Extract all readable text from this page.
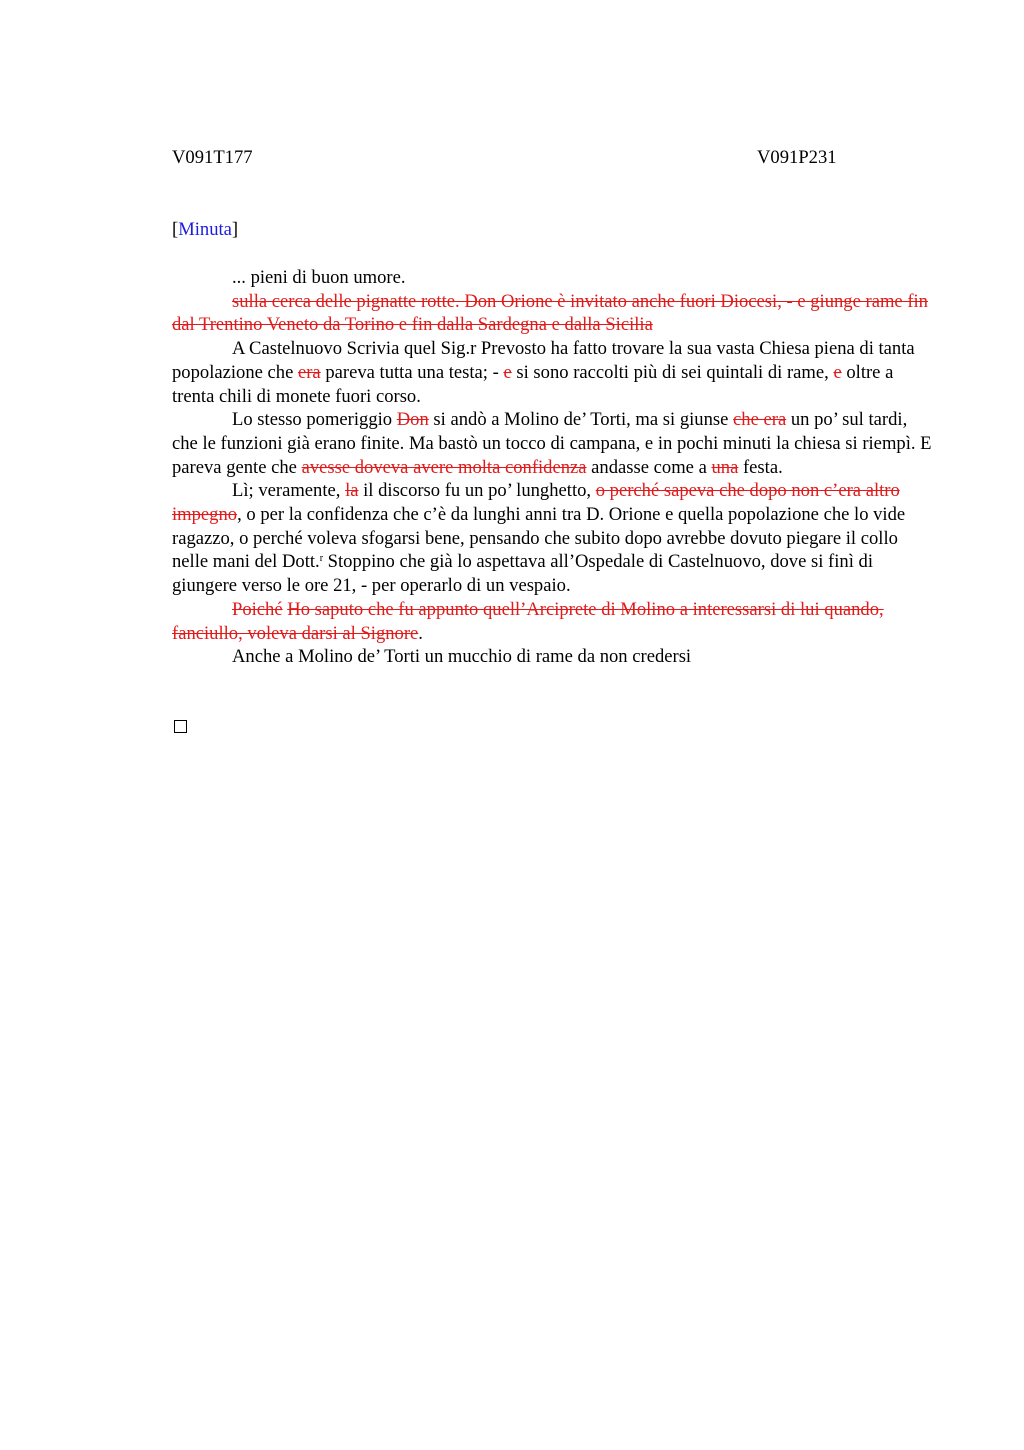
V091T177	V091P231
[Minuta]

... pieni di buon umore.

sulla cerca delle pignatte rotte. Don Orione è invitato anche fuori Diocesi, - e giunge rame fin dal Trentino Veneto da Torino e fin dalla Sardegna e dalla Sicilia

A Castelnuovo Scrivia quel Sig.r Prevosto ha fatto trovare la sua vasta Chiesa piena di tanta popolazione che era pareva tutta una testa; - e si sono raccolti più di sei quintali di rame, e oltre a trenta chili di monete fuori corso.

Lo stesso pomeriggio Don si andò a Molino de’ Torti, ma si giunse che era un po’ sul tardi, che le funzioni già erano finite. Ma bastò un tocco di campana, e in pochi minuti la chiesa si riempì. E pareva gente che avesse doveva avere molta confidenza andasse come a una festa.

Lì; veramente, la il discorso fu un po’ lunghetto, o perché sapeva che dopo non c’era altro impegno, o per la confidenza che c’è da lunghi anni tra D. Orione e quella popolazione che lo vide ragazzo, o perché voleva sfogarsi bene, pensando che subito dopo avrebbe dovuto piegare il collo nelle mani del Dott.$^r$ Stoppino che già lo aspettava all’Ospedale di Castelnuovo, dove si finì di giungere verso le ore 21, - per operarlo di un vespaio.

Poiché Ho saputo che fu appunto quell’Arciprete di Molino a interessarsi di lui quando, fanciullo, voleva darsi al Signore.

Anche a Molino de’ Torti un mucchio di rame da non credersi
